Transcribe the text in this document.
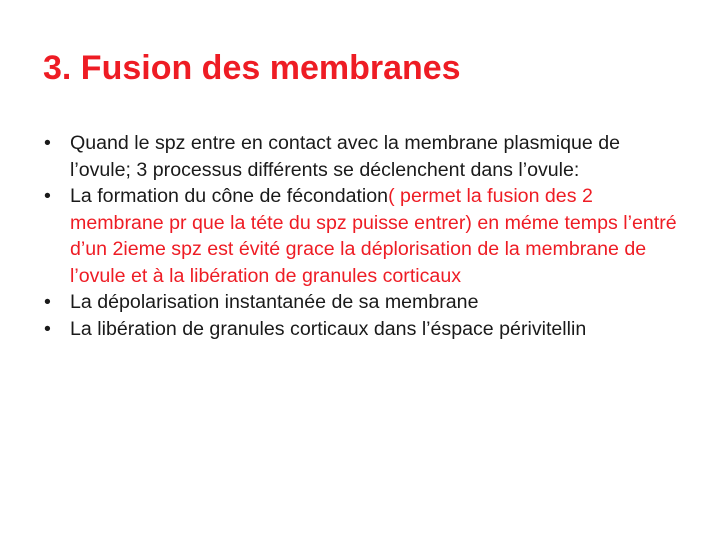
3. Fusion des membranes
• Quand le spz entre en contact avec la membrane plasmique de l’ovule; 3 processus différents se déclenchent dans l’ovule:
• La formation du cône de fécondation( permet la fusion des 2 membrane pr que la téte du spz puisse entrer) en méme temps l’entré d’un 2ieme spz est évité grace la déplorisation de la membrane de l’ovule et à la libération de granules corticaux
• La dépolarisation instantanée de sa membrane
• La libération de granules corticaux dans l’éspace périvitellin
